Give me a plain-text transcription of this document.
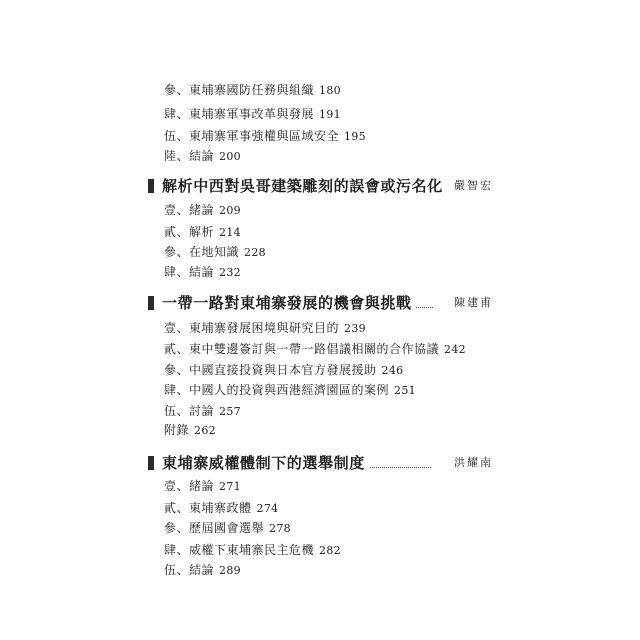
參、東埔寨國防任務與組織 180
肆、東埔寨軍事改革與發展 191
伍、東埔寨軍事強權與區域安全 195
陸、結論 200
解析中西對吳哥建築雕刻的誤會或污名化	嚴智宏
壹、緒論 209
貳、解析 214
參、在地知識 228
肆、結論 232
一帶一路對東埔寨發展的機會與挑戰	陳建甫
壹、東埔寨發展困境與研究目的 239
貳、東中雙邊簽訂與一帶一路倡議相關的合作協議 242
參、中國直接投資與日本官方發展援助 246
肆、中國人的投資與西港經濟園區的案例 251
伍、討論 257
附錄 262
東埔寨威權體制下的選舉制度	洪耀南
壹、緒論 271
貳、東埔寨政體 274
參、歷屆國會選舉 278
肆、威權下東埔寨民主危機 282
伍、結論 289
